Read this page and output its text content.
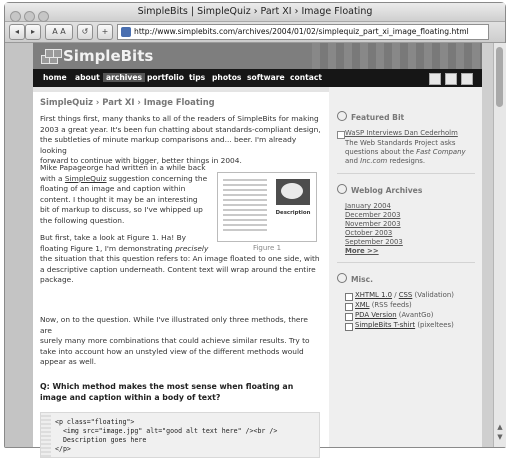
SimpleBits | SimpleQuiz › Part XI › Image Floating
◂	▸	A A	↺	+	http://www.simplebits.com/archives/2004/01/02/simplequiz_part_xi_image_floating.html
SimpleBits
home about archives portfolio tips photos software contact
SimpleQuiz › Part XI › Image Floating
First things first, many thanks to all of the readers of SimpleBits for making
2003 a great year. It's been fun chatting about standards-compliant design,
the subtleties of minute markup comparisons and... beer. I'm already looking
forward to continue with bigger, better things in 2004.
Mike Papageorge had written in a while back
with a SimpleQuiz suggestion concerning the
floating of an image and caption within
content. I thought it may be an interesting
bit of markup to discuss, so I've whipped up
the following question.
Description
Figure 1
But first, take a look at Figure 1. Ha! By
floating Figure 1, I'm demonstrating precisely
the situation that this question refers to: An image floated to one side, with
a descriptive caption underneath. Content text will wrap around the entire
package.
Now, on to the question. While I've illustrated only three methods, there are
surely many more combinations that could achieve similar results. Try to
take into account how an unstyled view of the different methods would
appear as well.
Q: Which method makes the most sense when floating an image and caption within a body of text?
<p class="floating">
<img src="image.jpg" alt="good alt text here" /><br />
Description goes here
</p>
Featured Bit
WaSP Interviews Dan Cederholm
The Web Standards Project asks
questions about the Fast Company
and Inc.com redesigns.
Weblog Archives
January 2004
December 2003
November 2003
October 2003
September 2003
More >>
Misc.
XHTML 1.0 / CSS (Validation)
XML (RSS feeds)
PDA Version (AvantGo)
SimpleBits T-shirt (pixeltees)
▲
▼
